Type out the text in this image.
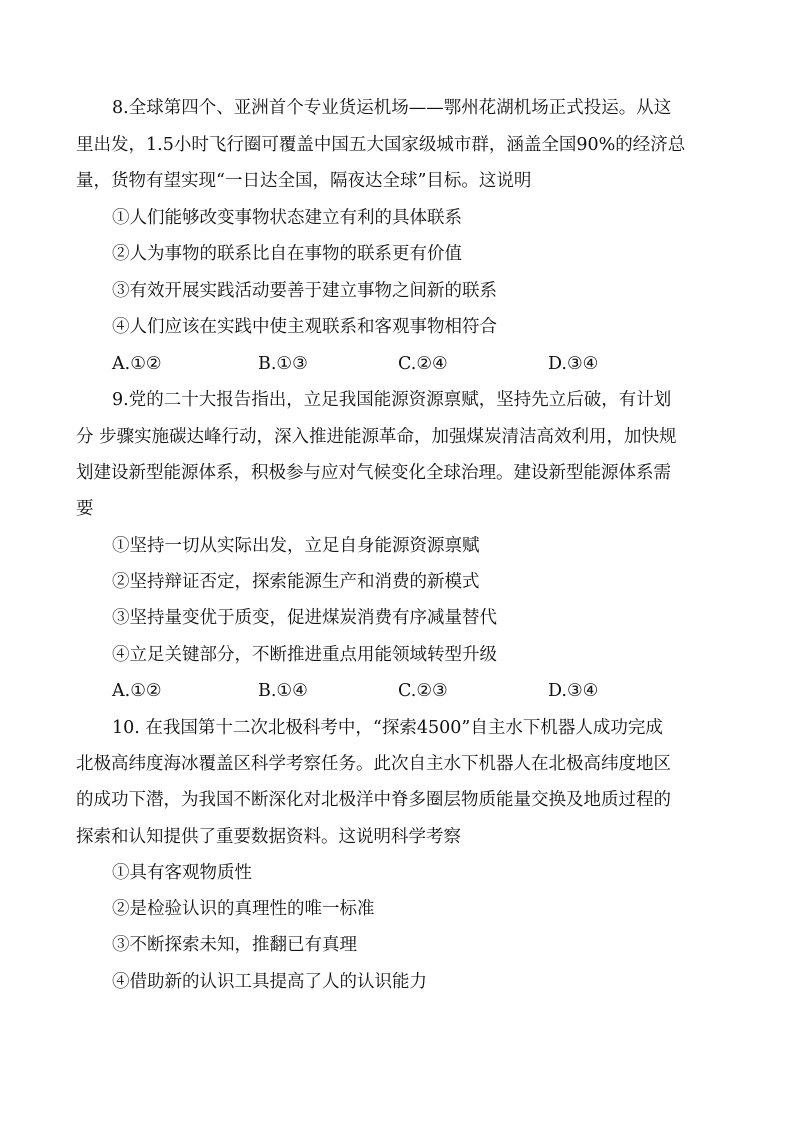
8.全球第四个、亚洲首个专业货运机场——鄂州花湖机场正式投运。从这
里出发，1.5小时飞行圈可覆盖中国五大国家级城市群，涵盖全国90%的经济总
量，货物有望实现“一日达全国，隔夜达全球”目标。这说明
①人们能够改变事物状态建立有利的具体联系
②人为事物的联系比自在事物的联系更有价值
③有效开展实践活动要善于建立事物之间新的联系
④人们应该在实践中使主观联系和客观事物相符合
A.①②	B.①③	C.②④	D.③④
9.党的二十大报告指出，立足我国能源资源禀赋，坚持先立后破，有计划
分 步骤实施碳达峰行动，深入推进能源革命，加强煤炭清洁高效利用，加快规
划建设新型能源体系，积极参与应对气候变化全球治理。建设新型能源体系需
要
①坚持一切从实际出发，立足自身能源资源禀赋
②坚持辩证否定，探索能源生产和消费的新模式
③坚持量变优于质变，促进煤炭消费有序减量替代
④立足关键部分，不断推进重点用能领域转型升级
A.①②	B.①④	C.②③	D.③④
10. 在我国第十二次北极科考中，“探索4500”自主水下机器人成功完成
北极高纬度海冰覆盖区科学考察任务。此次自主水下机器人在北极高纬度地区
的成功下潜，为我国不断深化对北极洋中脊多圈层物质能量交换及地质过程的
探索和认知提供了重要数据资料。这说明科学考察
①具有客观物质性
②是检验认识的真理性的唯一标准
③不断探索未知，推翻已有真理
④借助新的认识工具提高了人的认识能力
